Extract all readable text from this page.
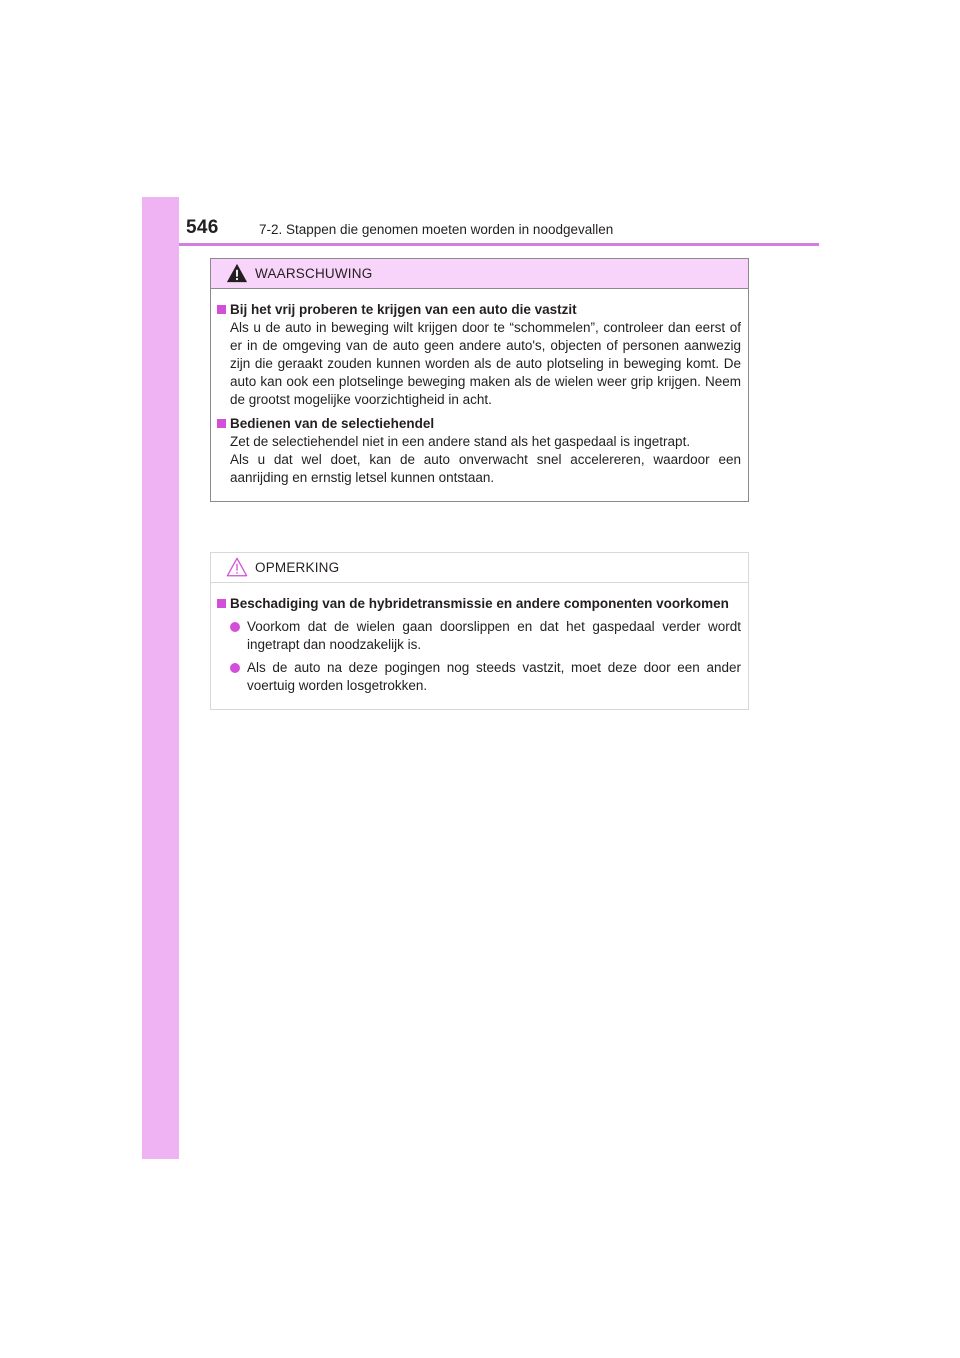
546	7-2. Stappen die genomen moeten worden in noodgevallen
WAARSCHUWING
Bij het vrij proberen te krijgen van een auto die vastzit

Als u de auto in beweging wilt krijgen door te “schommelen”, controleer dan eerst of er in de omgeving van de auto geen andere auto's, objecten of personen aanwezig zijn die geraakt zouden kunnen worden als de auto plotseling in beweging komt. De auto kan ook een plotselinge beweging maken als de wielen weer grip krijgen. Neem de grootst mogelijke voorzichtigheid in acht.

Bedienen van de selectiehendel

Zet de selectiehendel niet in een andere stand als het gaspedaal is ingetrapt.

Als u dat wel doet, kan de auto onverwacht snel accelereren, waardoor een aanrijding en ernstig letsel kunnen ontstaan.

OPMERKING
Beschadiging van de hybridetransmissie en andere componenten voorkomen

Voorkom dat de wielen gaan doorslippen en dat het gaspedaal verder wordt ingetrapt dan noodzakelijk is.

Als de auto na deze pogingen nog steeds vastzit, moet deze door een ander voertuig worden losgetrokken.
